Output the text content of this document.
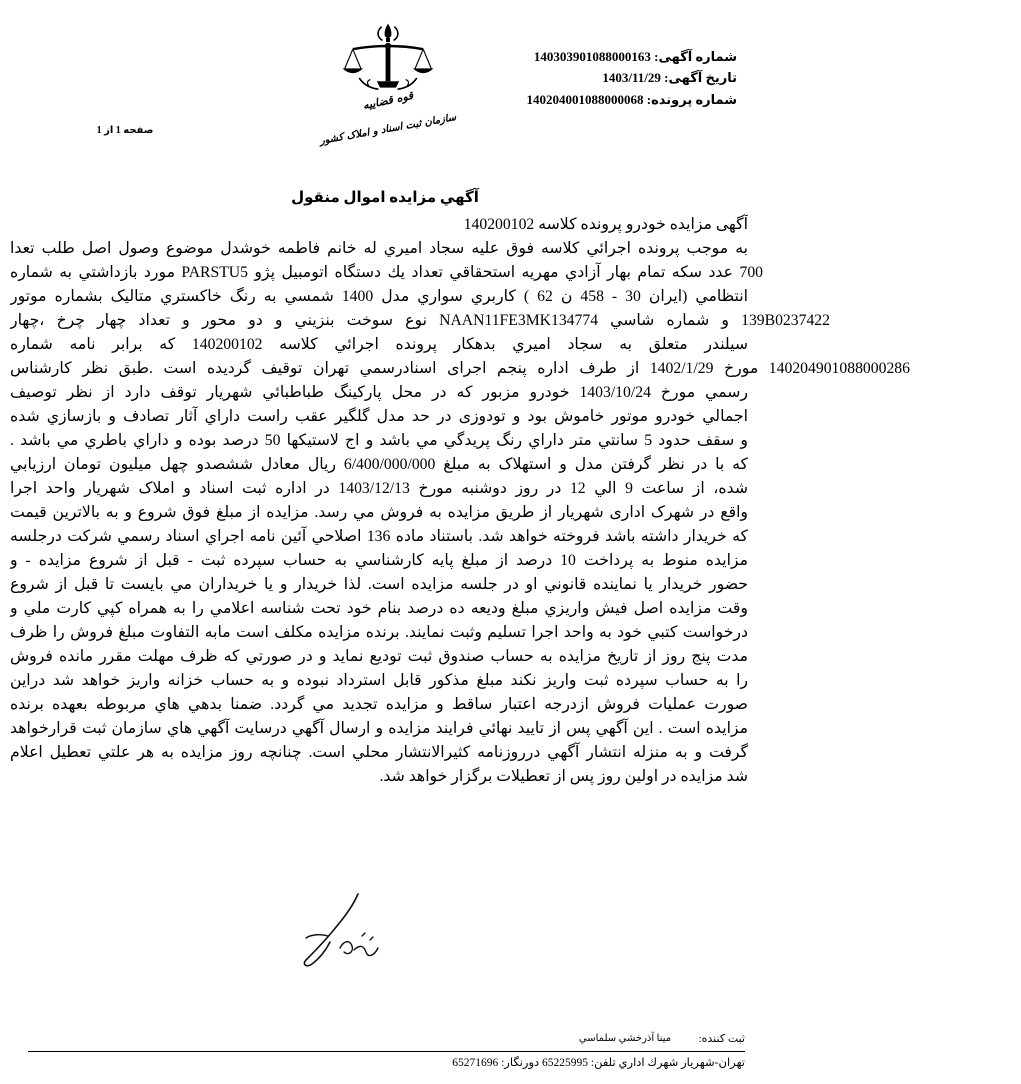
شماره آگهی: 140303901088000163
تاریخ آگهی: 1403/11/29
شماره پرونده: 140204001088000068
صفحه 1 از 1
قوه قضاييه
سازمان ثبت اسناد و املاک کشور
آگهي مزايده اموال منقول
آگهی مزایده خودرو پرونده کلاسه 140200102
به موجب پرونده اجرائي کلاسه فوق عليه سجاد اميري له خانم فاطمه خوشدل موضوع وصول اصل طلب تعدا
700 عدد سکه تمام بهار آزادي مهريه استحقاقي تعداد يك دستگاه اتومبيل پژو PARSTU5 مورد بازداشتي به شماره
انتظامي (ايران 30 - 458 ن 62 ) کاربري سواري مدل 1400 شمسي به رنگ خاکستري متاليک بشماره موتور
139B0237422 و شماره شاسي NAAN11FE3MK134774 نوع سوخت بنزيني و دو محور و تعداد چهار چرخ ،چهار
سيلندر متعلق به سجاد اميري بدهکار پرونده اجرائي کلاسه 140200102 که برابر نامه شماره
140204901088000286 مورخ 1402/1/29 از طرف اداره پنجم اجرای اسنادرسمي تهران توقيف گرديده است .طبق نظر کارشناس
رسمي مورخ 1403/10/24 خودرو مزبور که در محل پارکينگ طباطبائي شهريار توقف دارد از نظر توصيف
اجمالي خودرو موتور خاموش بود و تودوزی در حد مدل گلگير عقب راست داراي آثار تصادف و بازسازي شده
و سقف حدود 5 سانتي متر داراي رنگ پريدگي مي باشد و اج لاستيکها 50 درصد بوده و داراي باطري مي باشد .
که با در نظر گرفتن مدل و استهلاک به مبلغ 6/400/000/000 ريال معادل ششصدو چهل ميليون تومان ارزيابي
شده، از ساعت 9 الي 12 در روز دوشنبه مورخ 1403/12/13 در اداره ثبت اسناد و املاک شهريار واحد اجرا
واقع در شهرک اداری شهريار از طريق مزايده به فروش مي رسد. مزايده از مبلغ فوق شروع و به بالاترين قيمت
که خريدار داشته باشد فروخته خواهد شد. باستناد ماده 136 اصلاحي آئين نامه اجراي اسناد رسمي شرکت درجلسه
مزايده منوط به پرداخت 10 درصد از مبلغ پايه کارشناسي به حساب سپرده ثبت - قبل از شروع مزايده - و
حضور خريدار يا نماينده قانوني او در جلسه مزايده است. لذا خريدار و يا خريداران مي بايست تا قبل از شروع
وقت مزايده اصل فيش واريزي مبلغ وديعه ده درصد بنام خود تحت شناسه اعلامي را به همراه کپي کارت ملي و
درخواست کتبي خود به واحد اجرا تسليم وثبت نمايند. برنده مزايده مکلف است مابه التفاوت مبلغ فروش را ظرف
مدت پنج روز از تاريخ مزايده به حساب صندوق ثبت توديع نمايد و در صورتي که ظرف مهلت مقرر مانده فروش
را به حساب سپرده ثبت واريز نکند مبلغ مذکور قابل استرداد نبوده و به حساب خزانه واريز خواهد شد دراين
صورت عمليات فروش ازدرجه اعتبار ساقط و مزايده تجديد مي گردد. ضمنا بدهي هاي مربوطه بعهده برنده
مزايده است . اين آگهي پس از تاييد نهائي فرايند مزايده و ارسال آگهي درسايت آگهي هاي سازمان ثبت قرارخواهد
گرفت و به منزله انتشار آگهي درروزنامه کثيرالانتشار محلي است. چنانچه روز مزايده به هر علتي تعطيل اعلام
شد مزايده در اولين روز پس از تعطيلات برگزار خواهد شد.
ثبت کننده:
مينا آذرخشي سلماسي
تهران-شهريار شهرك اداري تلفن: 65225995 دورنگار: 65271696
